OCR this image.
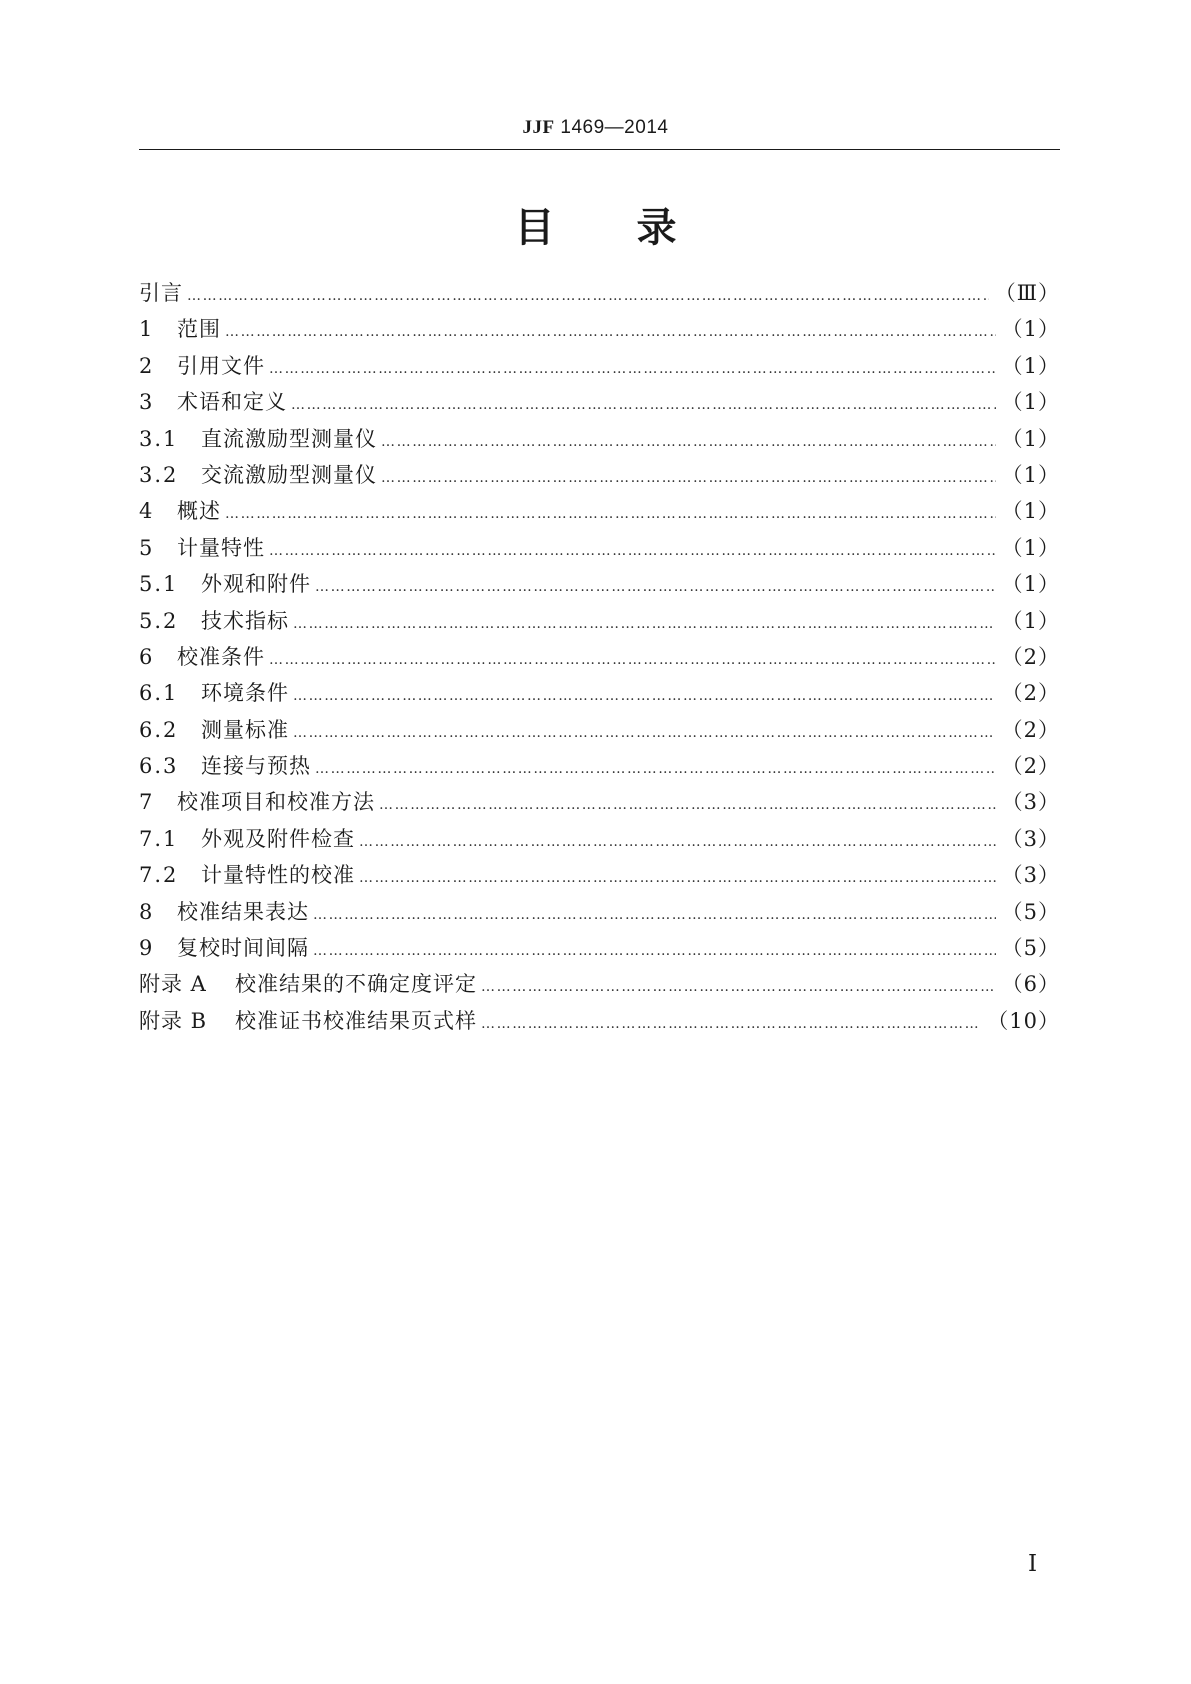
JJF 1469—2014
目录
引言 …………………………………………………………………………………………………………………………………………………………………………………………………………………………………………………………	（Ⅲ）
1	范围 …………………………………………………………………………………………………………………………………………………………………………………………………………………………………………………………	（1）
2	引用文件 …………………………………………………………………………………………………………………………………………………………………………………………………………………………………………………………	（1）
3	术语和定义 …………………………………………………………………………………………………………………………………………………………………………………………………………………………………………………………	（1）
3.1	直流激励型测量仪 …………………………………………………………………………………………………………………………………………………………………………………………………………………………………………………………	（1）
3.2	交流激励型测量仪 …………………………………………………………………………………………………………………………………………………………………………………………………………………………………………………………	（1）
4	概述 …………………………………………………………………………………………………………………………………………………………………………………………………………………………………………………………	（1）
5	计量特性 …………………………………………………………………………………………………………………………………………………………………………………………………………………………………………………………	（1）
5.1	外观和附件 …………………………………………………………………………………………………………………………………………………………………………………………………………………………………………………………	（1）
5.2	技术指标 …………………………………………………………………………………………………………………………………………………………………………………………………………………………………………………………	（1）
6	校准条件 …………………………………………………………………………………………………………………………………………………………………………………………………………………………………………………………	（2）
6.1	环境条件 …………………………………………………………………………………………………………………………………………………………………………………………………………………………………………………………	（2）
6.2	测量标准 …………………………………………………………………………………………………………………………………………………………………………………………………………………………………………………………	（2）
6.3	连接与预热 …………………………………………………………………………………………………………………………………………………………………………………………………………………………………………………………	（2）
7	校准项目和校准方法 …………………………………………………………………………………………………………………………………………………………………………………………………………………………………………………………	（3）
7.1	外观及附件检查 …………………………………………………………………………………………………………………………………………………………………………………………………………………………………………………………	（3）
7.2	计量特性的校准 …………………………………………………………………………………………………………………………………………………………………………………………………………………………………………………………	（3）
8	校准结果表达 …………………………………………………………………………………………………………………………………………………………………………………………………………………………………………………………	（5）
9	复校时间间隔 …………………………………………………………………………………………………………………………………………………………………………………………………………………………………………………………	（5）
附录 A	校准结果的不确定度评定 …………………………………………………………………………………………………………………………………………………………………………………………………………………………………………………………	（6）
附录 B	校准证书校准结果页式样 …………………………………………………………………………………………………………………………………………………………………………………………………………………………………………………………	（10）
Ⅰ
